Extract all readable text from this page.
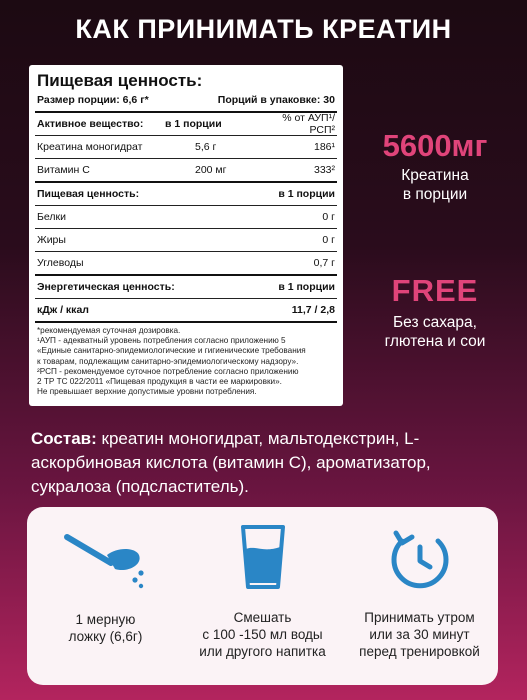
КАК ПРИНИМАТЬ КРЕАТИН
Пищевая ценность:
Размер порции: 6,6 г*	Порций в упаковке: 30
Активное вещество:	в 1 порции	% от АУП¹/РСП²
Креатина моногидрат	5,6 г	186¹
Витамин С	200 мг	333²
Пищевая ценность:	в 1 порции
Белки	0 г
Жиры	0 г
Углеводы	0,7 г
Энергетическая ценность:	в 1 порции
кДж / ккал	11,7 / 2,8
*рекомендуемая суточная дозировка.
¹АУП - адекватный уровень потребления согласно приложению 5
«Единые санитарно-эпидемиологические и гигиенические требования
к товарам, подлежащим санитарно-эпидемиологическому надзору».
²РСП - рекомендуемое суточное потребление согласно приложению
2 ТР ТС 022/2011 «Пищевая продукция в части ее маркировки».
Не превышает верхние допустимые уровни потребления.
5600мг
Креатина
в порции
FREE
Без сахара,
глютена и сои
Состав: креатин моногидрат, мальтодекстрин, L-аскорбиновая кислота (витамин С), ароматизатор, сукралоза (подсластитель).
1 мерную
ложку (6,6г)
Смешать
с 100 -150 мл воды
или другого напитка
Принимать утром
или за 30 минут
перед тренировкой
